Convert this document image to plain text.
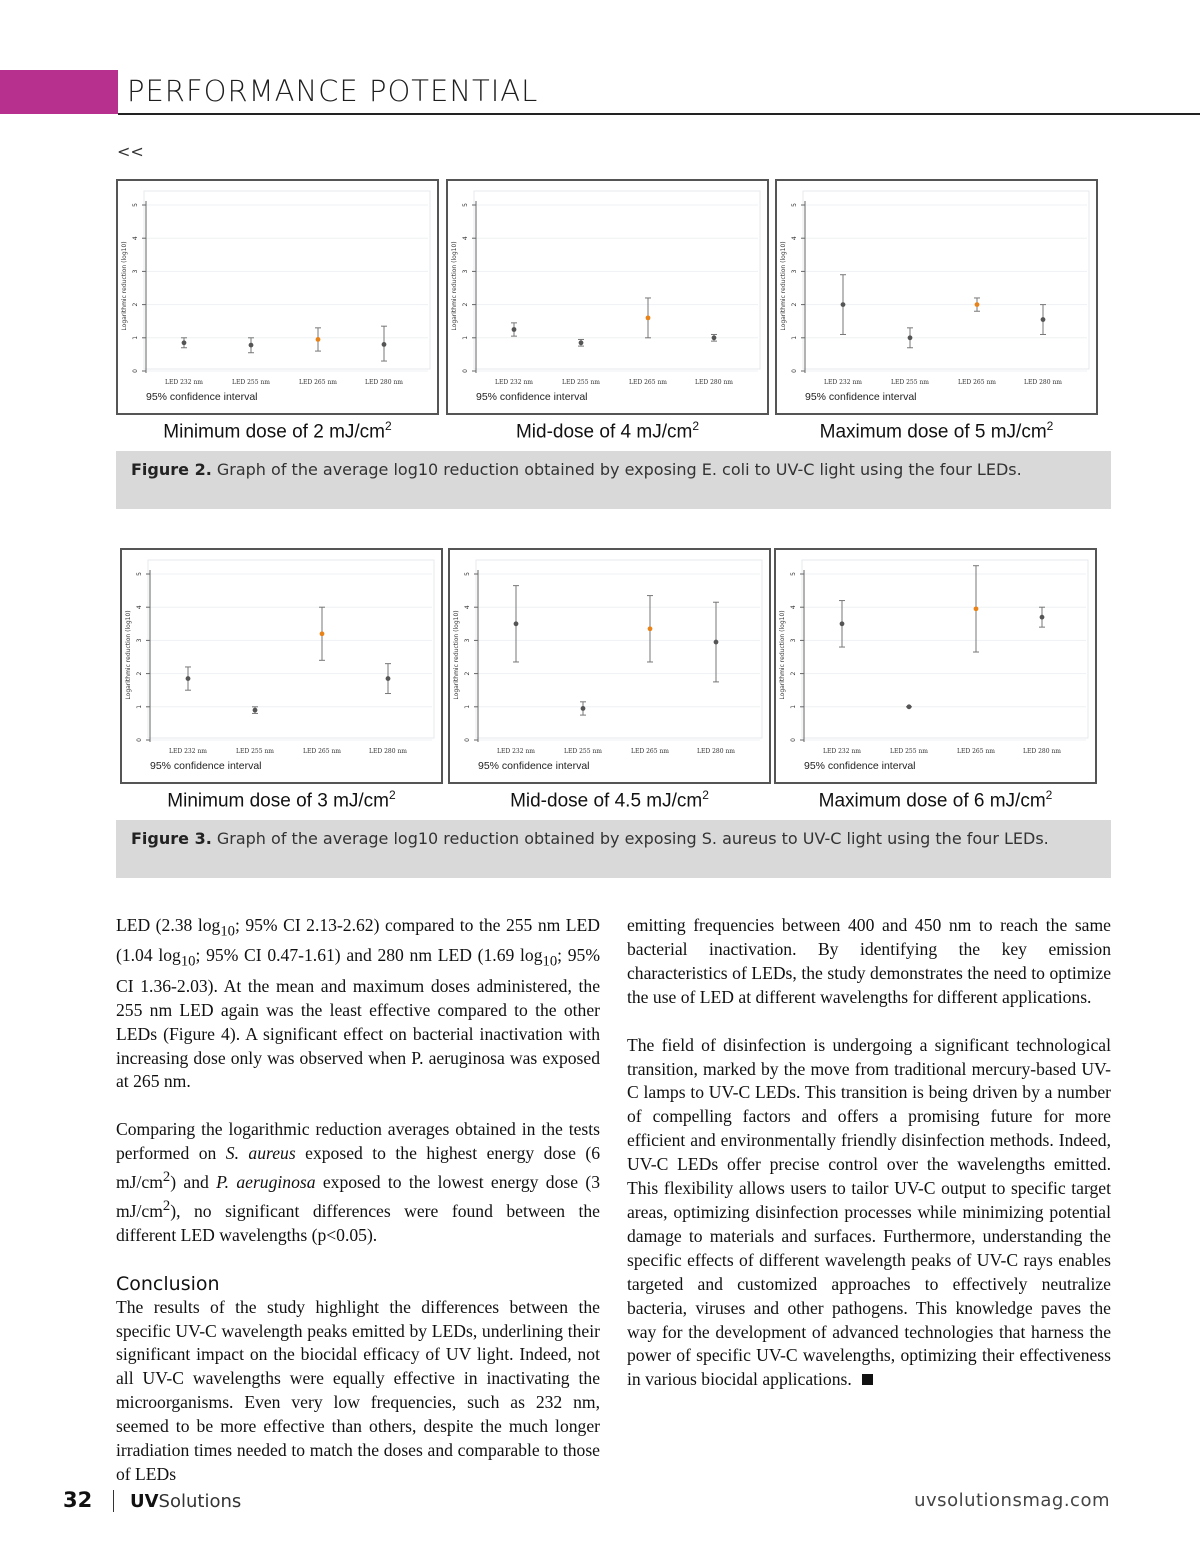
PERFORMANCE POTENTIAL
<<
0
1
2
3
4
5
Logarithmic reduction (log10)
LED 232 nm	LED 255 nm	LED 265 nm	LED 280 nm
95% confidence interval
Minimum dose of 2 $mJ/cm^2$
0
1
2
3
4
5
Logarithmic reduction (log10)
LED 232 nm	LED 255 nm	LED 265 nm	LED 280 nm
95% confidence interval
Mid-dose of 4 $mJ/cm^2$
0
1
2
3
4
5
Logarithmic reduction (log10)
LED 232 nm	LED 255 nm	LED 265 nm	LED 280 nm
95% confidence interval
Maximum dose of 5 $mJ/cm^2$
Figure 2. Graph of the average log10 reduction obtained by exposing E. coli to UV-C light using the four LEDs.
0
1
2
3
4
5
Logarithmic reduction (log10)
LED 232 nm	LED 255 nm	LED 265 nm	LED 280 nm
95% confidence interval
Minimum dose of 3 $mJ/cm^2$
0
1
2
3
4
5
Logarithmic reduction (log10)
LED 232 nm	LED 255 nm	LED 265 nm	LED 280 nm
95% confidence interval
Mid-dose of 4.5 $mJ/cm^2$
0
1
2
3
4
5
Logarithmic reduction (log10)
LED 232 nm	LED 255 nm	LED 265 nm	LED 280 nm
95% confidence interval
Maximum dose of 6 $mJ/cm^2$
Figure 3. Graph of the average log10 reduction obtained by exposing S. aureus to UV-C light using the four LEDs.

LED (2.38 $\log_{10}$; 95% CI 2.13-2.62) compared to the 255 nm LED (1.04 $\log_{10}$; 95% CI 0.47-1.61) and 280 nm LED (1.69 $\log_{10}$; 95% CI 1.36-2.03). At the mean and maximum doses administered, the 255 nm LED again was the least effective compared to the other LEDs (Figure 4). A significant effect on bacterial inactivation with increasing dose only was observed when P. aeruginosa was exposed at 265 nm.

Comparing the logarithmic reduction averages obtained in the tests performed on S. aureus exposed to the highest energy dose (6 $mJ/cm^2$) and P. aeruginosa exposed to the lowest energy dose (3 $mJ/cm^2$), no significant differences were found between the different LED wavelengths (p<0.05).

Conclusion

The results of the study highlight the differences between the specific UV-C wavelength peaks emitted by LEDs, underlining their significant impact on the biocidal efficacy of UV light. Indeed, not all UV-C wavelengths were equally effective in inactivating the microorganisms. Even very low frequencies, such as 232 nm, seemed to be more effective than others, despite the much longer irradiation times needed to match the doses and comparable to those of LEDs

emitting frequencies between 400 and 450 nm to reach the same bacterial inactivation. By identifying the key emission characteristics of LEDs, the study demonstrates the need to optimize the use of LED at different wavelengths for different applications.

The field of disinfection is undergoing a significant technological transition, marked by the move from traditional mercury-based UV-C lamps to UV-C LEDs. This transition is being driven by a number of compelling factors and offers a promising future for more efficient and environmentally friendly disinfection methods. Indeed, UV-C LEDs offer precise control over the wavelengths emitted. This flexibility allows users to tailor UV-C output to specific target areas, optimizing disinfection processes while minimizing potential damage to materials and surfaces. Furthermore, understanding the specific effects of different wavelength peaks of UV-C rays enables targeted and customized approaches to effectively neutralize bacteria, viruses and other pathogens. This knowledge paves the way for the development of advanced technologies that harness the power of specific UV-C wavelengths, optimizing their effectiveness in various biocidal applications.

32 UVSolutions	uvsolutionsmag.com
